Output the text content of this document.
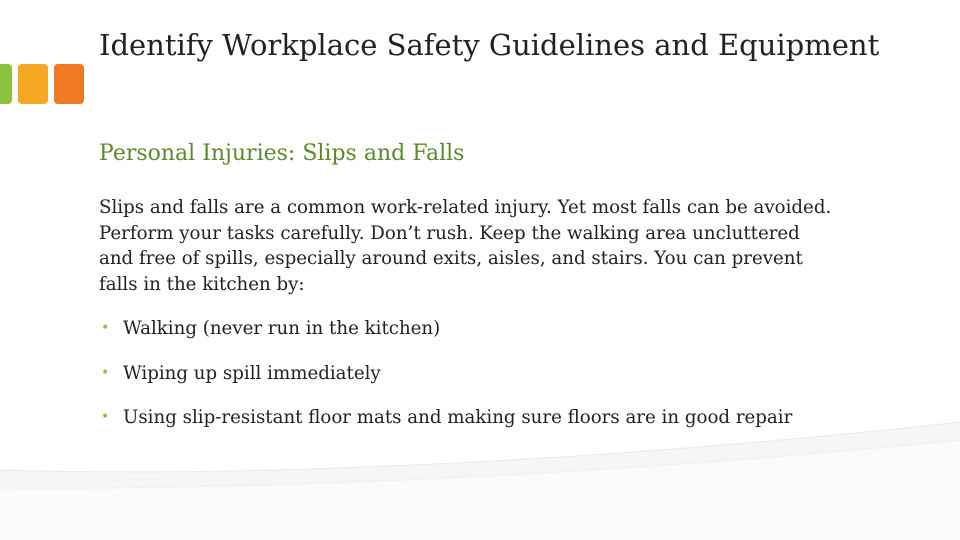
Identify Workplace Safety Guidelines and Equipment
Personal Injuries: Slips and Falls

Slips and falls are a common work-related injury. Yet most falls can be avoided. Perform your tasks carefully. Don’t rush. Keep the walking area uncluttered and free of spills, especially around exits, aisles, and stairs. You can prevent falls in the kitchen by:

• Walking (never run in the kitchen)
• Wiping up spill immediately
• Using slip-resistant floor mats and making sure floors are in good repair
